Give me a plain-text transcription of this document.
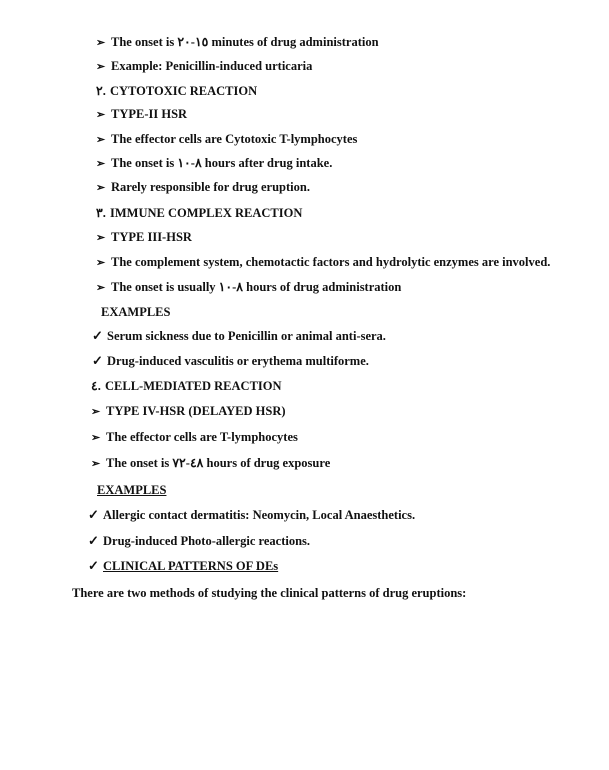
➢ The onset is ١٥-٢٠ minutes of drug administration
➢ Example: Penicillin-induced urticaria
٢. CYTOTOXIC REACTION
➢ TYPE-II HSR
➢ The effector cells are Cytotoxic T-lymphocytes
➢ The onset is ٨-١٠ hours after drug intake.
➢ Rarely responsible for drug eruption.
٣. IMMUNE COMPLEX REACTION
➢ TYPE III-HSR
➢ The complement system, chemotactic factors and hydrolytic enzymes are involved.
➢ The onset is usually ٨-١٠ hours of drug administration
EXAMPLES
✓ Serum sickness due to Penicillin or animal anti-sera.
✓ Drug-induced vasculitis or erythema multiforme.
٤. CELL-MEDIATED REACTION
➢ TYPE IV-HSR (DELAYED HSR)
➢ The effector cells are T-lymphocytes
➢ The onset is ٤٨-٧٢ hours of drug exposure
EXAMPLES
✓ Allergic contact dermatitis: Neomycin, Local Anaesthetics.
✓ Drug-induced Photo-allergic reactions.
✓ CLINICAL PATTERNS OF DEs
There are two methods of studying the clinical patterns of drug eruptions:
